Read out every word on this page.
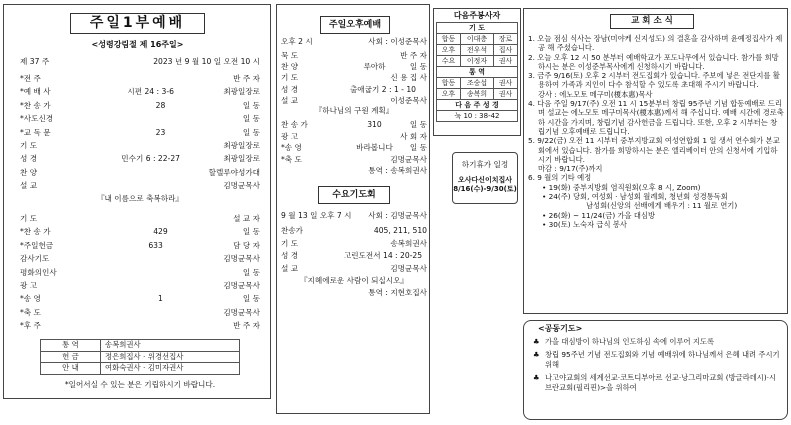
주일1부예배
<성령강림절 제 16주일>
제 37 주	2023 년 9 월 10 일 오전 10 시
*전 주	반 주 자
*예 배 사	시편 24 : 3-6	최광일장로
*찬 송 가	28	일 동
*사도신경	일 동
*교 독 문	23	일 동
기 도	최광일장로
성 경	민수기 6 : 22-27	최광일장로
찬 양	할렐루야성가대
설 교	김명균목사
『내 이름으로 축복하라』
기 도	설 교 자
*찬 송 가	429	일 동
*주일헌금	633	담 당 자
감사기도	김명균목사
평화의인사	일 동
광 고	김명균목사
*송 영	1	일 동
*축 도	김명균목사
*후 주	반 주 자
통 역	송복희권사
헌 금	정은희집사 · 위경선집사
안 내	여화숙권사 · 김미자권사
*일어서실 수 있는 분은 기립하시기 바랍니다.
주일오후예배
오후 2 시	사회 : 이성준목사
묵 도	반 주 자
찬 양	루아하	일 동
기 도	신 용 집 사
성 경	출애굽기 2 : 1 - 10
설 교	이성준목사
『하나님의 구원 계획』
찬 송 가	310	일 동
광 고	사 회 자
*송 영	바라봅니다	일 동
*축 도	김명균목사
통역 : 송복희권사
수요기도회
9 월 13 일 오후 7 시 사회 : 김명균목사
찬송가	405, 211, 510
기 도	송복희권사
성 경	고린도전서 14 : 20-25
설 교	김명균목사
『지혜에로운 사람이 되십시오』
통역 : 지현호집사
다음주봉사자
기 도		
합동	이대층	장로
오후	전우석	집사
수요	이정자	권사
통 역		
합동	조숭섭	권사
오후	송복희	권사
다 음 주 성 경		
눅 10 : 38-42		
하기휴가 일정
오사다신이치집사
8/16(수)-9/30(토)
교 회 소 식
1. 오늘 점심 식사는 장남(미야케 신지성도) 의 결혼을 감사하며 윤예정집사가 제공 해 주셨습니다.
2. 오늘 오후 12 시 50 분부터 예배학교가 포도나무에서 있습니다. 참가를 희망하시는 분은 이성준부목사에게 신청하시기 바랍니다.
3. 금주 9/16(토) 오후 2 시부터 전도집회가 있습니다. 주보에 넣은 전단지를 활용하여 가족과 지인이 다수 참석할 수 있도록 초대해 주시기 바랍니다.
강사 : 에노모토 메구미(榎本惠)목사
4. 다음 주일 9/17(주) 오전 11 시 15분부터 창립 95주년 기념 합동예배로 드리며 설교는 에노모토 메구미목사(榎本惠)께서 해 주십니다. 예배 시간에 경로축하 시간을 가지며, 창립기념 감사헌금을 드립니다. 또한, 오후 2 시부터는 창립기념 오후예배로 드립니다.
5. 9/22(금) 오전 11 시부터 중부지방교회 여성연합회 1 일 생서 연수회가 본교회에서 있습니다. 참가를 희망하시는 분은 엘리베이터 안의 신청서에 기입하시기 바랍니다.
마감 : 9/17(주)까지
6. 9 월의 기타 예정
• 19(화) 중부지방회 염직원회(오후 8 시, Zoom)
• 24(주) 당회, 여성회 · 남성회 월례회, 청년회 성경통독회
남성회(신앙의 선배에게 배우기 : 11 월로 연기)
• 26(화) ~ 11/24(금) 가을 대심방
• 30(토) 노숙자 급식 봉사
<공동기도>
♣ 가을 대심방이 하나님의 인도하심 속에 이루어 지도록
♣ 창립 95주년 기념 전도집회와 기념 예배위에 하나님께서 은혜 내려 주시기 위해
♣ 나고야교회의 세계선교·코트디부아르 선교·낭그리마교회 (방글라데시)·시브란교회(필리핀)>을 위하여
